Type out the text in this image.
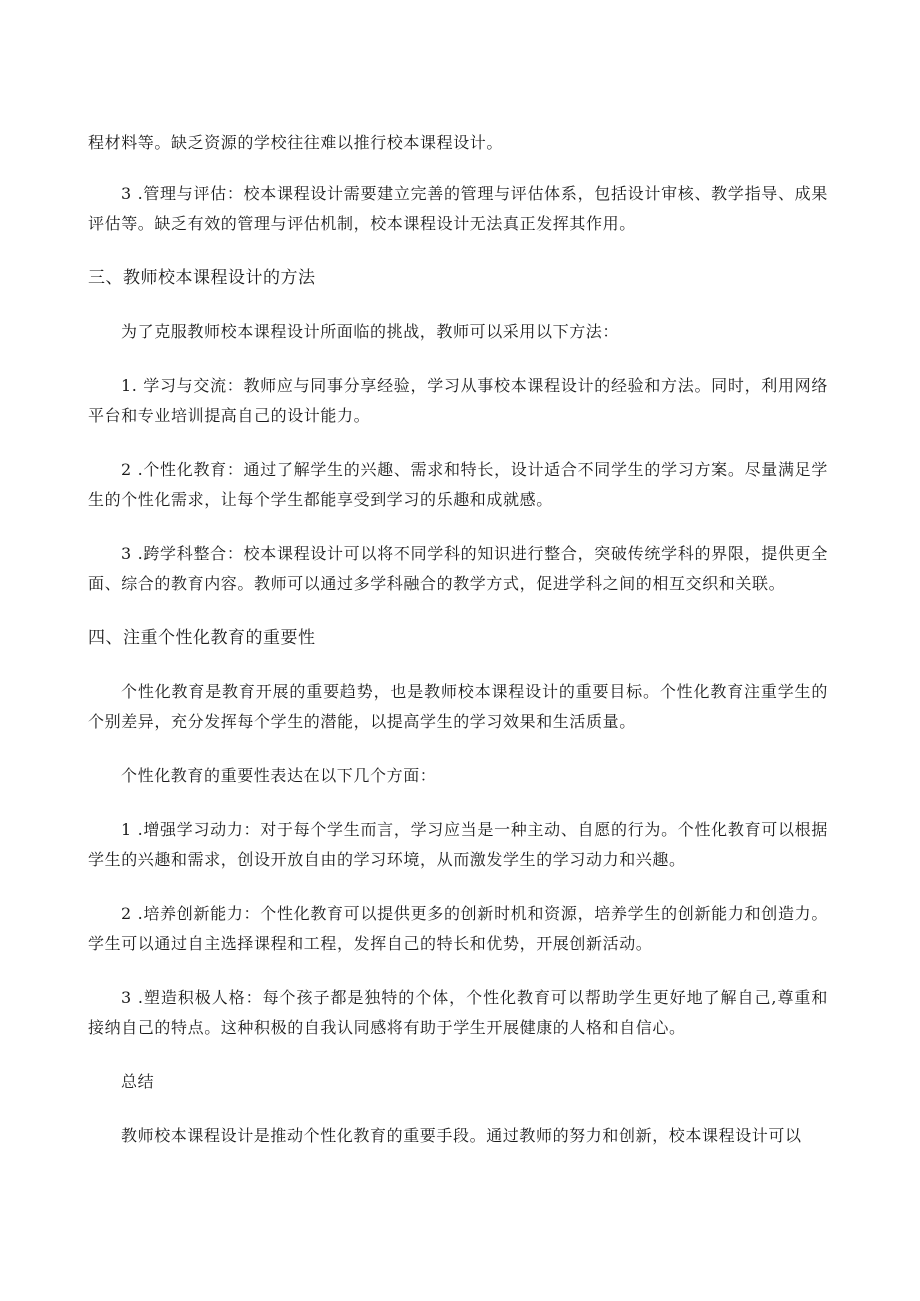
程材料等。缺乏资源的学校往往难以推行校本课程设计。

3 .管理与评估：校本课程设计需要建立完善的管理与评估体系，包括设计审核、教学指导、成果评估等。缺乏有效的管理与评估机制，校本课程设计无法真正发挥其作用。

三、教师校本课程设计的方法

为了克服教师校本课程设计所面临的挑战，教师可以采用以下方法：

1. 学习与交流：教师应与同事分享经验，学习从事校本课程设计的经验和方法。同时，利用网络平台和专业培训提高自己的设计能力。

2 .个性化教育：通过了解学生的兴趣、需求和特长，设计适合不同学生的学习方案。尽量满足学生的个性化需求，让每个学生都能享受到学习的乐趣和成就感。

3 .跨学科整合：校本课程设计可以将不同学科的知识进行整合，突破传统学科的界限，提供更全面、综合的教育内容。教师可以通过多学科融合的教学方式，促进学科之间的相互交织和关联。

四、注重个性化教育的重要性

个性化教育是教育开展的重要趋势，也是教师校本课程设计的重要目标。个性化教育注重学生的个别差异，充分发挥每个学生的潜能，以提高学生的学习效果和生活质量。

个性化教育的重要性表达在以下几个方面：

1 .增强学习动力：对于每个学生而言，学习应当是一种主动、自愿的行为。个性化教育可以根据学生的兴趣和需求，创设开放自由的学习环境，从而激发学生的学习动力和兴趣。

2 .培养创新能力：个性化教育可以提供更多的创新时机和资源，培养学生的创新能力和创造力。学生可以通过自主选择课程和工程，发挥自己的特长和优势，开展创新活动。

3 .塑造积极人格：每个孩子都是独特的个体，个性化教育可以帮助学生更好地了解自己,尊重和接纳自己的特点。这种积极的自我认同感将有助于学生开展健康的人格和自信心。

总结

教师校本课程设计是推动个性化教育的重要手段。通过教师的努力和创新，校本课程设计可以
